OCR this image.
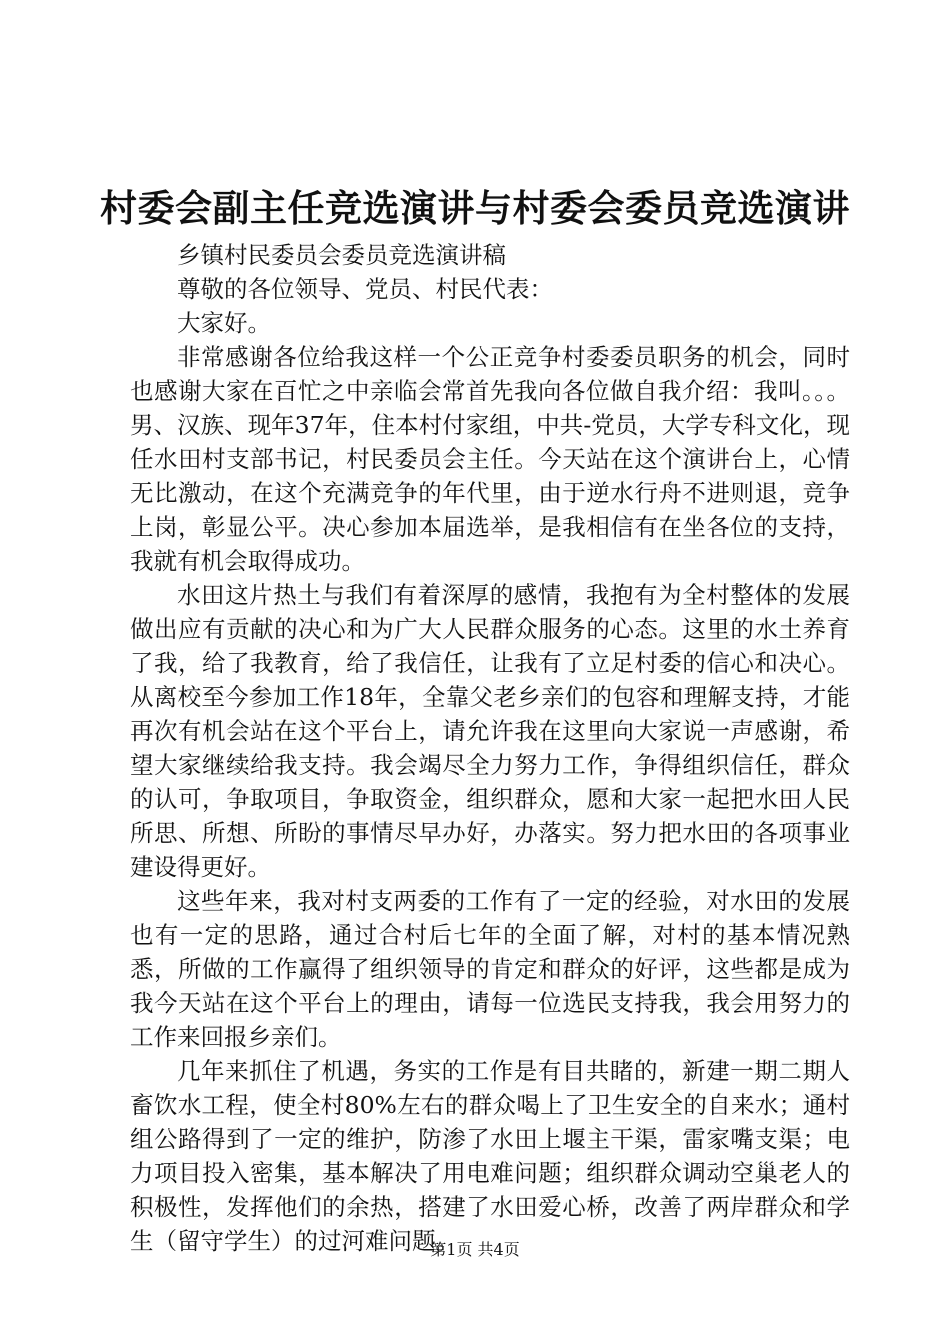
村委会副主任竞选演讲与村委会委员竞选演讲

乡镇村民委员会委员竞选演讲稿

尊敬的各位领导、党员、村民代表：

大家好。

非常感谢各位给我这样一个公正竞争村委委员职务的机会，同时也感谢大家在百忙之中亲临会常首先我向各位做自我介绍：我叫。。。男、汉族、现年37年，住本村付家组，中共-党员，大学专科文化，现任水田村支部书记，村民委员会主任。今天站在这个演讲台上，心情无比激动，在这个充满竞争的年代里，由于逆水行舟不进则退，竞争上岗，彰显公平。决心参加本届选举，是我相信有在坐各位的支持，我就有机会取得成功。

水田这片热土与我们有着深厚的感情，我抱有为全村整体的发展做出应有贡献的决心和为广大人民群众服务的心态。这里的水土养育了我，给了我教育，给了我信任，让我有了立足村委的信心和决心。从离校至今参加工作18年，全靠父老乡亲们的包容和理解支持，才能再次有机会站在这个平台上，请允许我在这里向大家说一声感谢，希望大家继续给我支持。我会竭尽全力努力工作，争得组织信任，群众的认可，争取项目，争取资金，组织群众，愿和大家一起把水田人民所思、所想、所盼的事情尽早办好，办落实。努力把水田的各项事业建设得更好。

这些年来，我对村支两委的工作有了一定的经验，对水田的发展也有一定的思路，通过合村后七年的全面了解，对村的基本情况熟悉，所做的工作赢得了组织领导的肯定和群众的好评，这些都是成为我今天站在这个平台上的理由，请每一位选民支持我，我会用努力的工作来回报乡亲们。

几年来抓住了机遇，务实的工作是有目共睹的，新建一期二期人畜饮水工程，使全村80%左右的群众喝上了卫生安全的自来水；通村组公路得到了一定的维护，防渗了水田上堰主干渠，雷家嘴支渠；电力项目投入密集，基本解决了用电难问题；组织群众调动空巢老人的积极性，发挥他们的余热，搭建了水田爱心桥，改善了两岸群众和学生（留守学生）的过河难问题。

第1页 共4页
